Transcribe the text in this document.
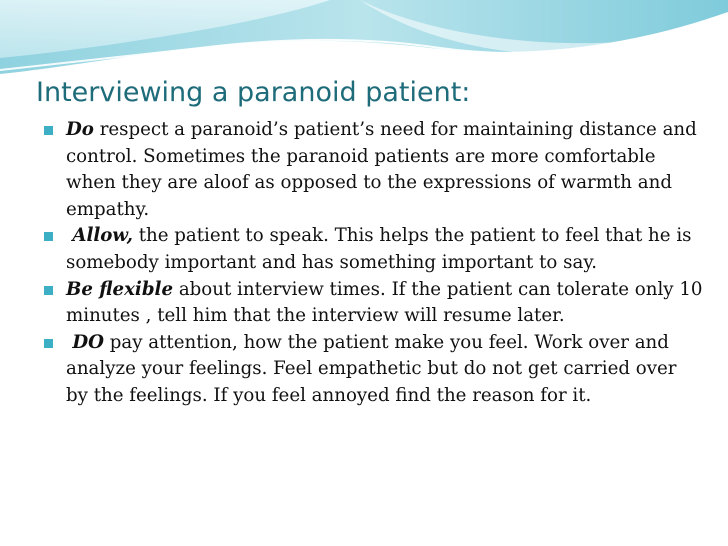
Interviewing a paranoid patient:
Do respect a paranoid’s patient’s need for maintaining distance and control. Sometimes the paranoid patients are more comfortable when they are aloof as opposed to the expressions of warmth and empathy.
Allow, the patient to speak. This helps the patient to feel that he is somebody important and has something important to say.
Be flexible about interview times. If the patient can tolerate only 10 minutes , tell him that the interview will resume later.
DO pay attention, how the patient make you feel. Work over and analyze your feelings. Feel empathetic but do not get carried over by the feelings. If you feel annoyed find the reason for it.
